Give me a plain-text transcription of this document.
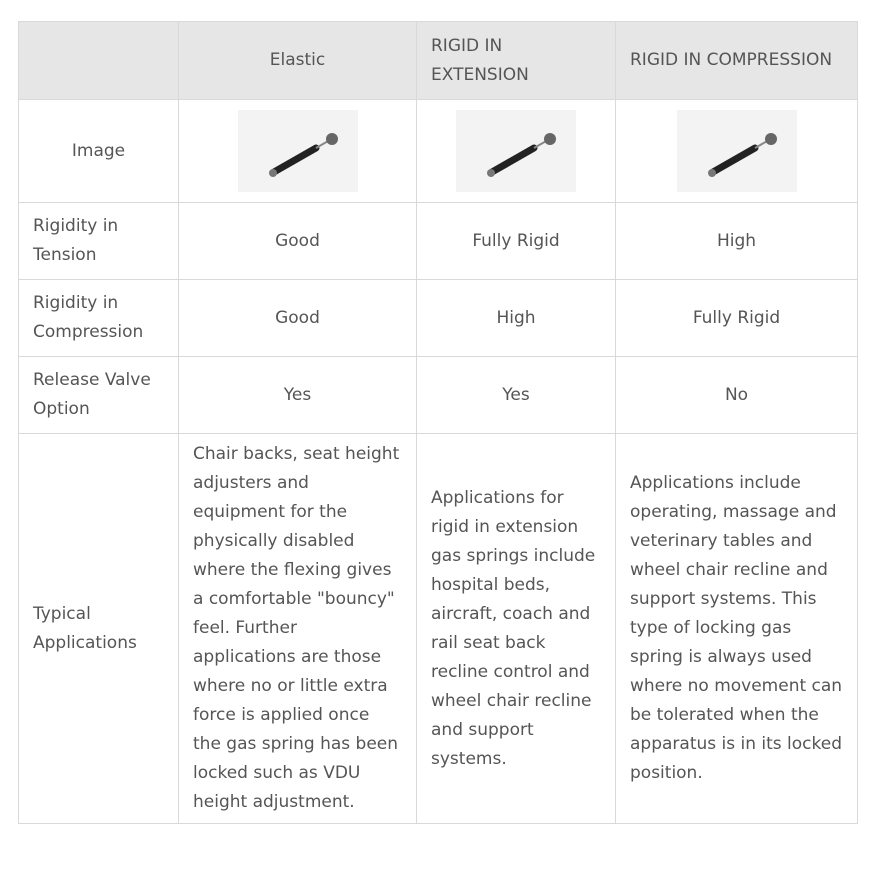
	Elastic	RIGID IN EXTENSION	RIGID IN COMPRESSION
Image	

Rigidity in Tension	Good	Fully Rigid	High
Rigidity in Compression	Good	High	Fully Rigid
Release Valve Option	Yes	Yes	No
Typical Applications	Chair backs, seat height adjusters and equipment for the physically disabled where the flexing gives a comfortable "bouncy" feel. Further applications are those where no or little extra force is applied once the gas spring has been locked such as VDU height adjustment.	Applications for rigid in extension gas springs include hospital beds, aircraft, coach and rail seat back recline control and wheel chair recline and support systems.	Applications include operating, massage and veterinary tables and wheel chair recline and support systems. This type of locking gas spring is always used where no movement can be tolerated when the apparatus is in its locked position.
